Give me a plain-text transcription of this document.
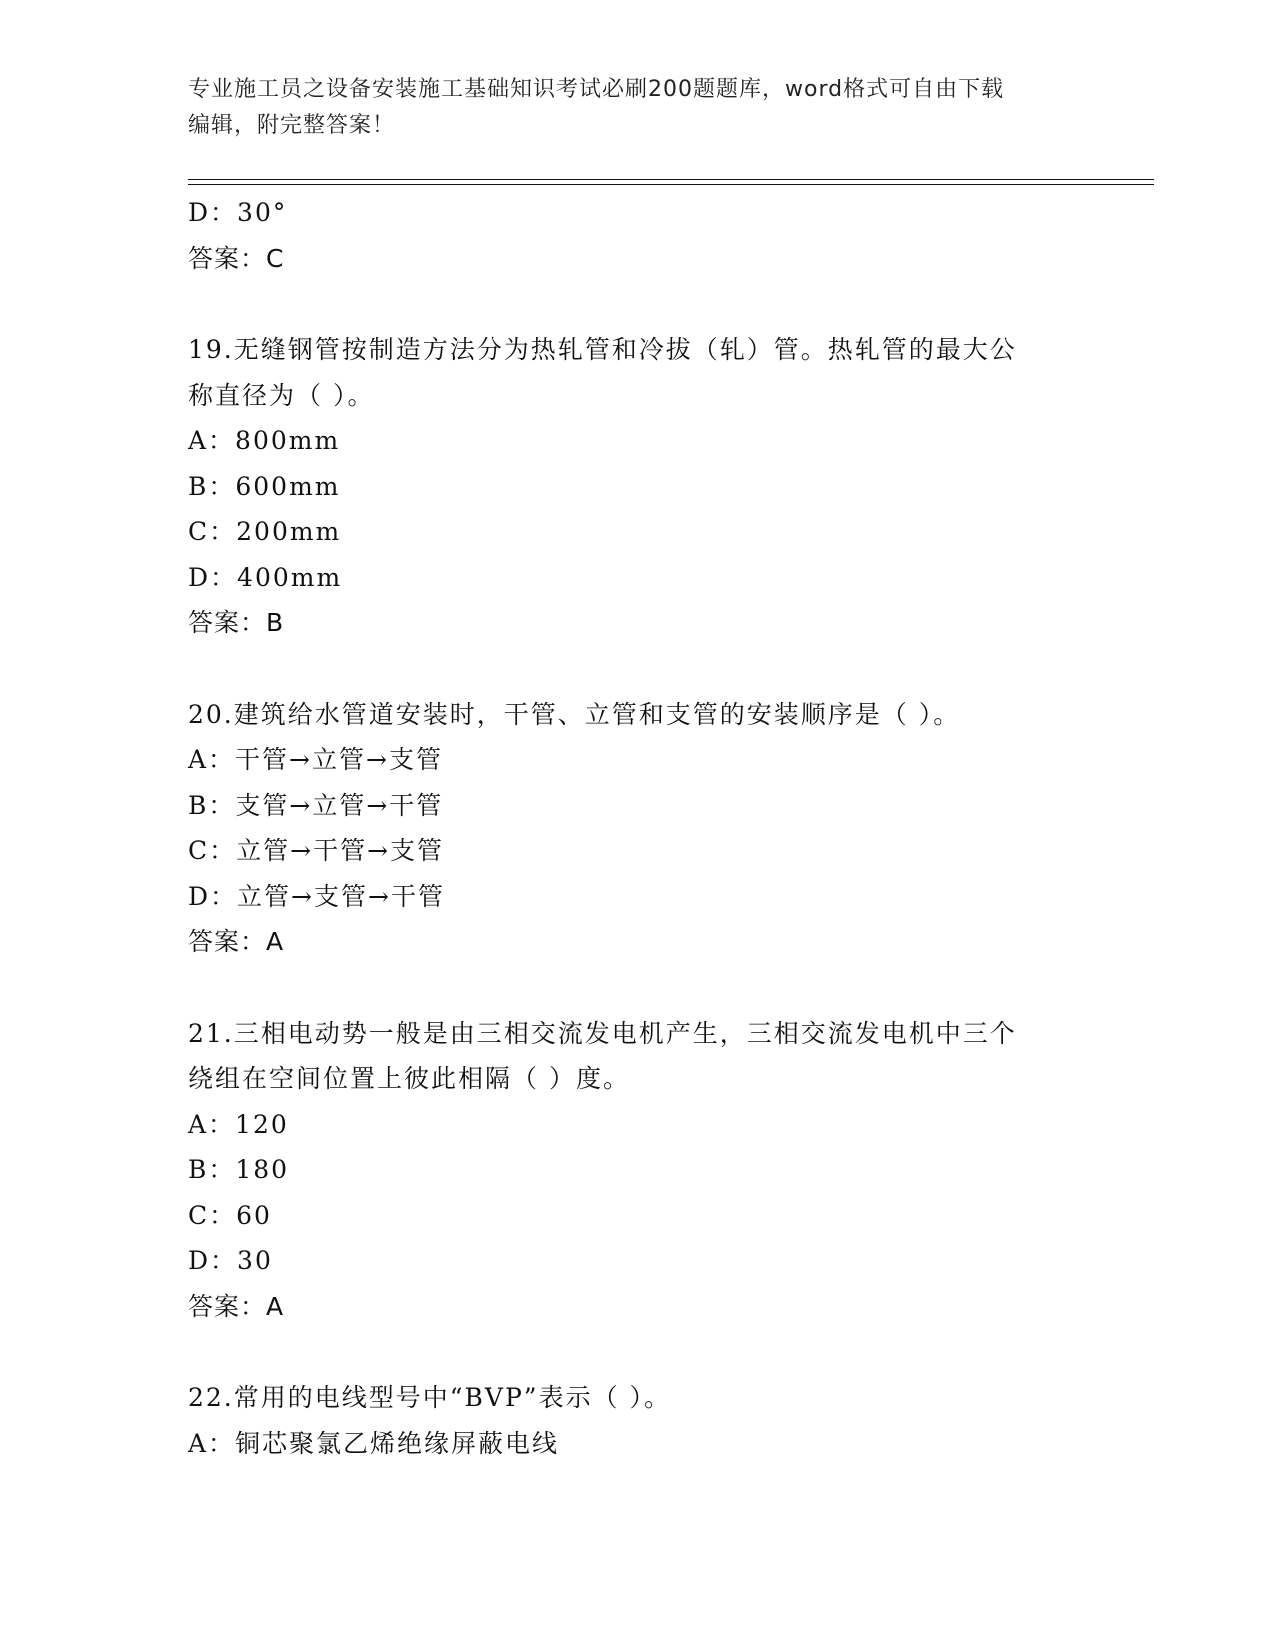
专业施工员之设备安装施工基础知识考试必刷200题题库，word格式可自由下载
编辑，附完整答案！
D：30°
答案：C
19.无缝钢管按制造方法分为热轧管和冷拔（轧）管。热轧管的最大公
称直径为（ ）。
A：800mm
B：600mm
C：200mm
D：400mm
答案：B
20.建筑给水管道安装时，干管、立管和支管的安装顺序是（ ）。
A：干管→立管→支管
B：支管→立管→干管
C：立管→干管→支管
D：立管→支管→干管
答案：A
21.三相电动势一般是由三相交流发电机产生，三相交流发电机中三个
绕组在空间位置上彼此相隔（ ）度。
A：120
B：180
C：60
D：30
答案：A
22.常用的电线型号中“BVP”表示（ ）。
A：铜芯聚氯乙烯绝缘屏蔽电线
